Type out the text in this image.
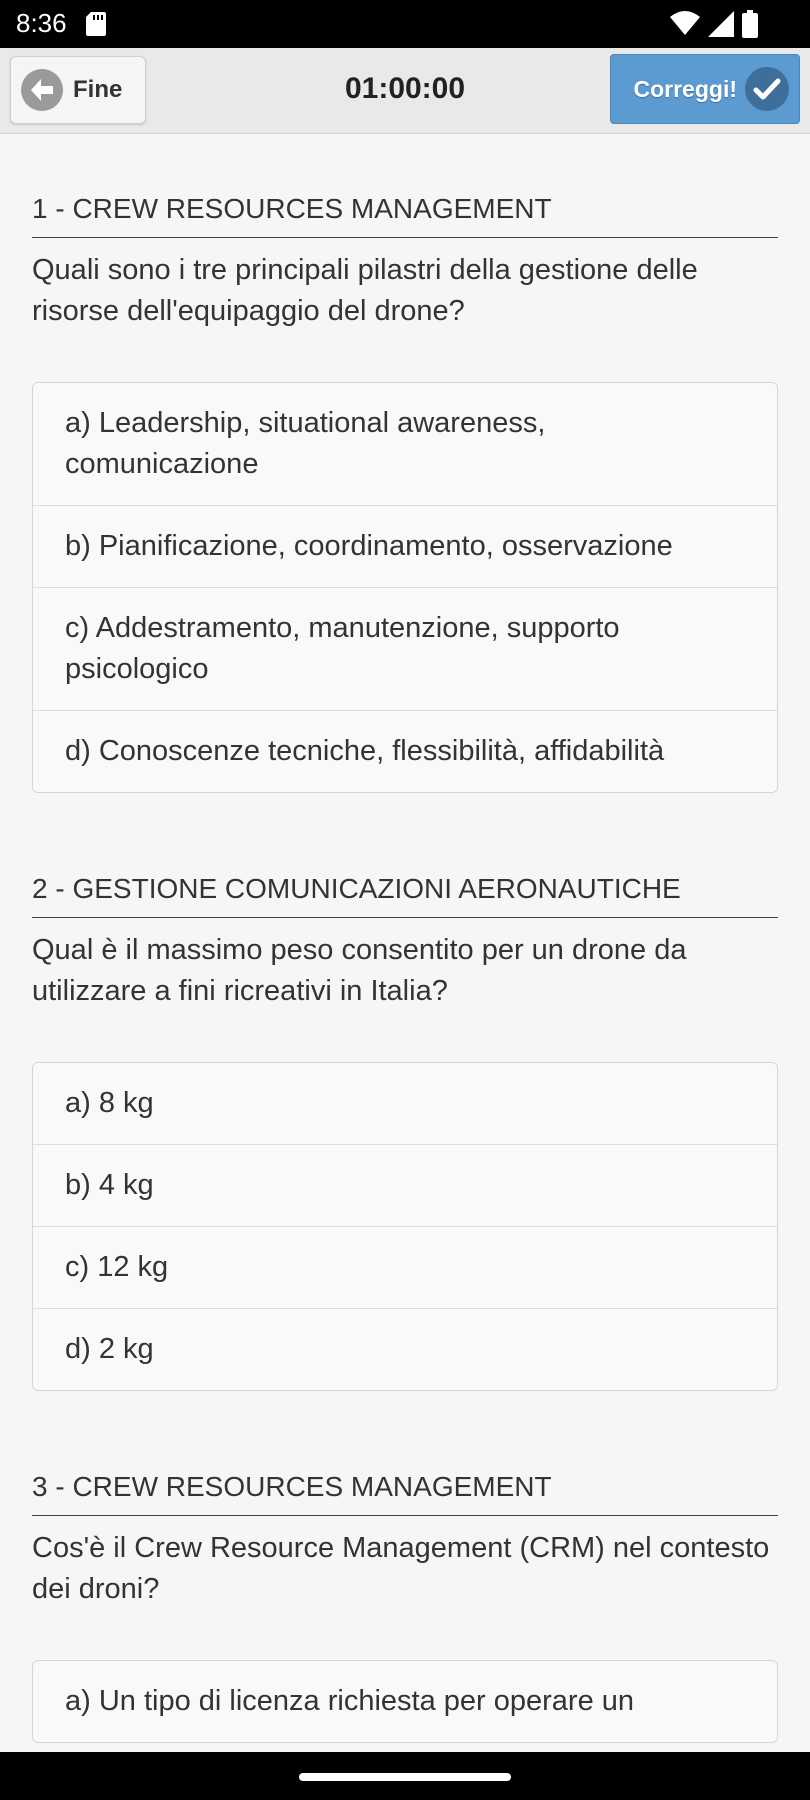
8:36
Fine	01:00:00	Correggi!
1 - CREW RESOURCES MANAGEMENT
Quali sono i tre principali pilastri della gestione delle risorse dell'equipaggio del drone?
a) Leadership, situational awareness, comunicazione
b) Pianificazione, coordinamento, osservazione
c) Addestramento, manutenzione, supporto psicologico
d) Conoscenze tecniche, flessibilità, affidabilità
2 - GESTIONE COMUNICAZIONI AERONAUTICHE
Qual è il massimo peso consentito per un drone da utilizzare a fini ricreativi in Italia?
a) 8 kg
b) 4 kg
c) 12 kg
d) 2 kg
3 - CREW RESOURCES MANAGEMENT
Cos'è il Crew Resource Management (CRM) nel contesto dei droni?
a) Un tipo di licenza richiesta per operare un
